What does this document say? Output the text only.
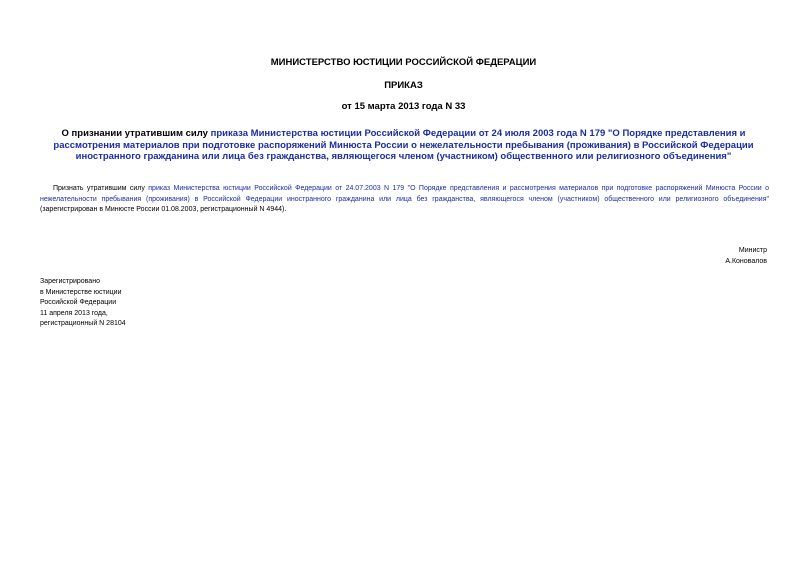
МИНИСТЕРСТВО ЮСТИЦИИ РОССИЙСКОЙ ФЕДЕРАЦИИ
ПРИКАЗ
от 15 марта 2013 года N 33
О признании утратившим силу приказа Министерства юстиции Российской Федерации от 24 июля 2003 года N 179 "О Порядке представления и рассмотрения материалов при подготовке распоряжений Минюста России о нежелательности пребывания (проживания) в Российской Федерации иностранного гражданина или лица без гражданства, являющегося членом (участником) общественного или религиозного объединения"
Признать утратившим силу приказ Министерства юстиции Российской Федерации от 24.07.2003 N 179 "О Порядке представления и рассмотрения материалов при подготовке распоряжений Минюста России о нежелательности пребывания (проживания) в Российской Федерации иностранного гражданина или лица без гражданства, являющегося членом (участником) общественного или религиозного объединения" (зарегистрирован в Минюсте России 01.08.2003, регистрационный N 4944).
Министр
А.Коновалов
Зарегистрировано
в Министерстве юстиции
Российской Федерации
11 апреля 2013 года,
регистрационный N 28104
